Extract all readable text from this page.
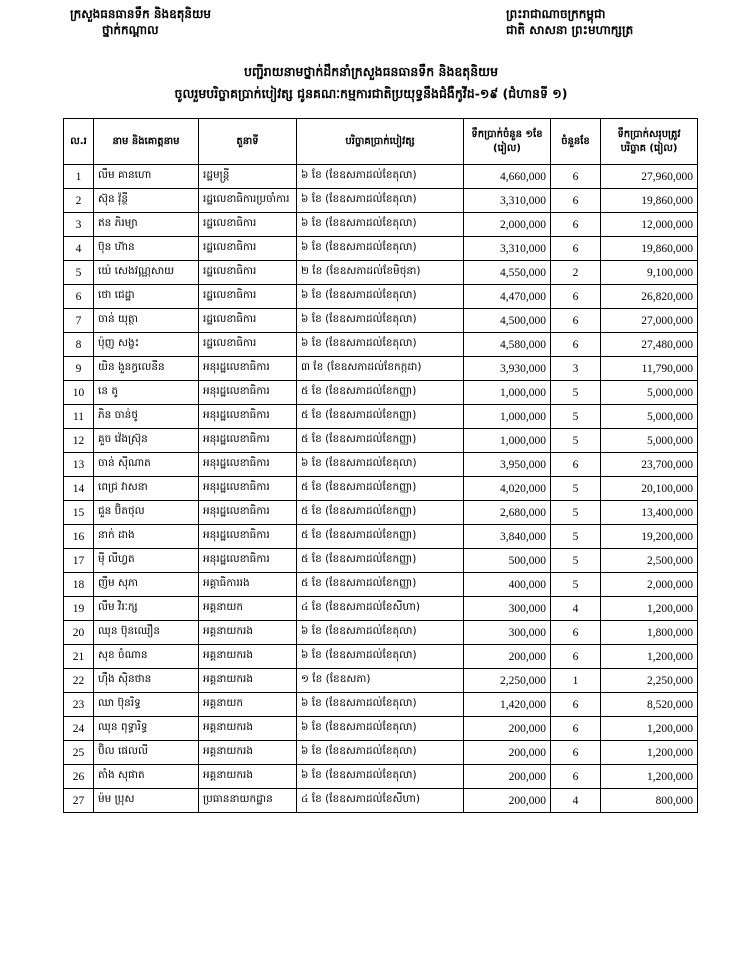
ក្រសួងធនធានទឹក និងឧតុនិយម
ថ្នាក់កណ្ដាល
ព្រះរាជាណាចក្រកម្ពុជា
ជាតិ សាសនា ព្រះមហាក្សត្រ
បញ្ជីរាយនាមថ្នាក់ដឹកនាំក្រសួងធនធានទឹក និងឧតុនិយម
ចូលរួមបរិច្ចាគប្រាក់បៀវត្ស ជូនគណៈកម្មការជាតិប្រយុទ្ធនឹងជំងឺកូវីដ-១៩ (ជំហានទី ១)
ល.រ	នាម និងគោត្តនាម	តួនាទី	បរិច្ចាគប្រាក់បៀវត្ស	ទឹកប្រាក់ចំនួន ១ខែ (រៀល)	ចំនួនខែ	ទឹកប្រាក់សរុបត្រូវ បរិច្ចាគ (រៀល)
1	លឹម គានហោ	រដ្ឋមន្ត្រី	៦ ខែ (ខែឧសភាដល់ខែតុលា)	4,660,000	6	27,960,000
2	ស៊ុន វ៉ុន្ថី	រដ្ឋលេខាធិការប្រចាំការ	៦ ខែ (ខែឧសភាដល់ខែតុលា)	3,310,000	6	19,860,000
3	ឥន ភិរម្យា	រដ្ឋលេខាធិការ	៦ ខែ (ខែឧសភាដល់ខែតុលា)	2,000,000	6	12,000,000
4	ប៊ុន ហ៊ាន	រដ្ឋលេខាធិការ	៦ ខែ (ខែឧសភាដល់ខែតុលា)	3,310,000	6	19,860,000
5	យ៉េ សេងវណ្ណសាយ	រដ្ឋលេខាធិការ	២ ខែ (ខែឧសភាដល់ខែមិថុនា)	4,550,000	2	9,100,000
6	ថោ ជេដ្ឋា	រដ្ឋលេខាធិការ	៦ ខែ (ខែឧសភាដល់ខែតុលា)	4,470,000	6	26,820,000
7	ចាន់ យុត្ថា	រដ្ឋលេខាធិការ	៦ ខែ (ខែឧសភាដល់ខែតុលា)	4,500,000	6	27,000,000
8	ប៉ុញ សង្ខះ	រដ្ឋលេខាធិការ	៦ ខែ (ខែឧសភាដល់ខែតុលា)	4,580,000	6	27,480,000
9	យិន ងួនក្ធលេនីន	អនុរដ្ឋលេខាធិការ	៣ ខែ (ខែឧសភាដល់ខែកក្កដា)	3,930,000	3	11,790,000
10	នេ តូ	អនុរដ្ឋលេខាធិការ	៥ ខែ (ខែឧសភាដល់ខែកញ្ញា)	1,000,000	5	5,000,000
11	ភិន ចាន់ថូ	អនុរដ្ឋលេខាធិការ	៥ ខែ (ខែឧសភាដល់ខែកញ្ញា)	1,000,000	5	5,000,000
12	គួច វ៉េងស្រ៊ុន	អនុរដ្ឋលេខាធិការ	៥ ខែ (ខែឧសភាដល់ខែកញ្ញា)	1,000,000	5	5,000,000
13	ចាន់ ស៊ីណាត	អនុរដ្ឋលេខាធិការ	៦ ខែ (ខែឧសភាដល់ខែតុលា)	3,950,000	6	23,700,000
14	ពេជ្រ វាសនា	អនុរដ្ឋលេខាធិការ	៥ ខែ (ខែឧសភាដល់ខែកញ្ញា)	4,020,000	5	20,100,000
15	ជួន ប៊ិតថុល	អនុរដ្ឋលេខាធិការ	៥ ខែ (ខែឧសភាដល់ខែកញ្ញា)	2,680,000	5	13,400,000
16	នាក់ ដាង	អនុរដ្ឋលេខាធិការ	៥ ខែ (ខែឧសភាដល់ខែកញ្ញា)	3,840,000	5	19,200,000
17	ម៉ី លីហ្វត	អនុរដ្ឋលេខាធិការ	៥ ខែ (ខែឧសភាដល់ខែកញ្ញា)	500,000	5	2,500,000
18	ញឹម សុភា	អគ្គាធិការរង	៥ ខែ (ខែឧសភាដល់ខែកញ្ញា)	400,000	5	2,000,000
19	លឹម វិរៈក្ស	អគ្គនាយក	៤ ខែ (ខែឧសភាដល់ខែសីហា)	300,000	4	1,200,000
20	ឈុន ប៊ុនឈឿន	អគ្គនាយករង	៦ ខែ (ខែឧសភាដល់ខែតុលា)	300,000	6	1,800,000
21	សុខ ចំណាន	អគ្គនាយករង	៦ ខែ (ខែឧសភាដល់ខែតុលា)	200,000	6	1,200,000
22	ហ៊ឹង ស៊ិនថាន	អគ្គនាយករង	១ ខែ (ខែឧសភា)	2,250,000	1	2,250,000
23	ឈា ប៊ុនរិទ្ធ	អគ្គនាយក	៦ ខែ (ខែឧសភាដល់ខែតុលា)	1,420,000	6	8,520,000
24	ឈុន ពុទ្ធារិទ្ធ	អគ្គនាយករង	៦ ខែ (ខែឧសភាដល់ខែតុលា)	200,000	6	1,200,000
25	ប៊ិល ផេលលី	អគ្គនាយករង	៦ ខែ (ខែឧសភាដល់ខែតុលា)	200,000	6	1,200,000
26	តាំង សុផាត	អគ្គនាយករង	៦ ខែ (ខែឧសភាដល់ខែតុលា)	200,000	6	1,200,000
27	ម៉ម ប្រុស	ប្រធាននាយកដ្ឋាន	៤ ខែ (ខែឧសភាដល់ខែសីហា)	200,000	4	800,000
